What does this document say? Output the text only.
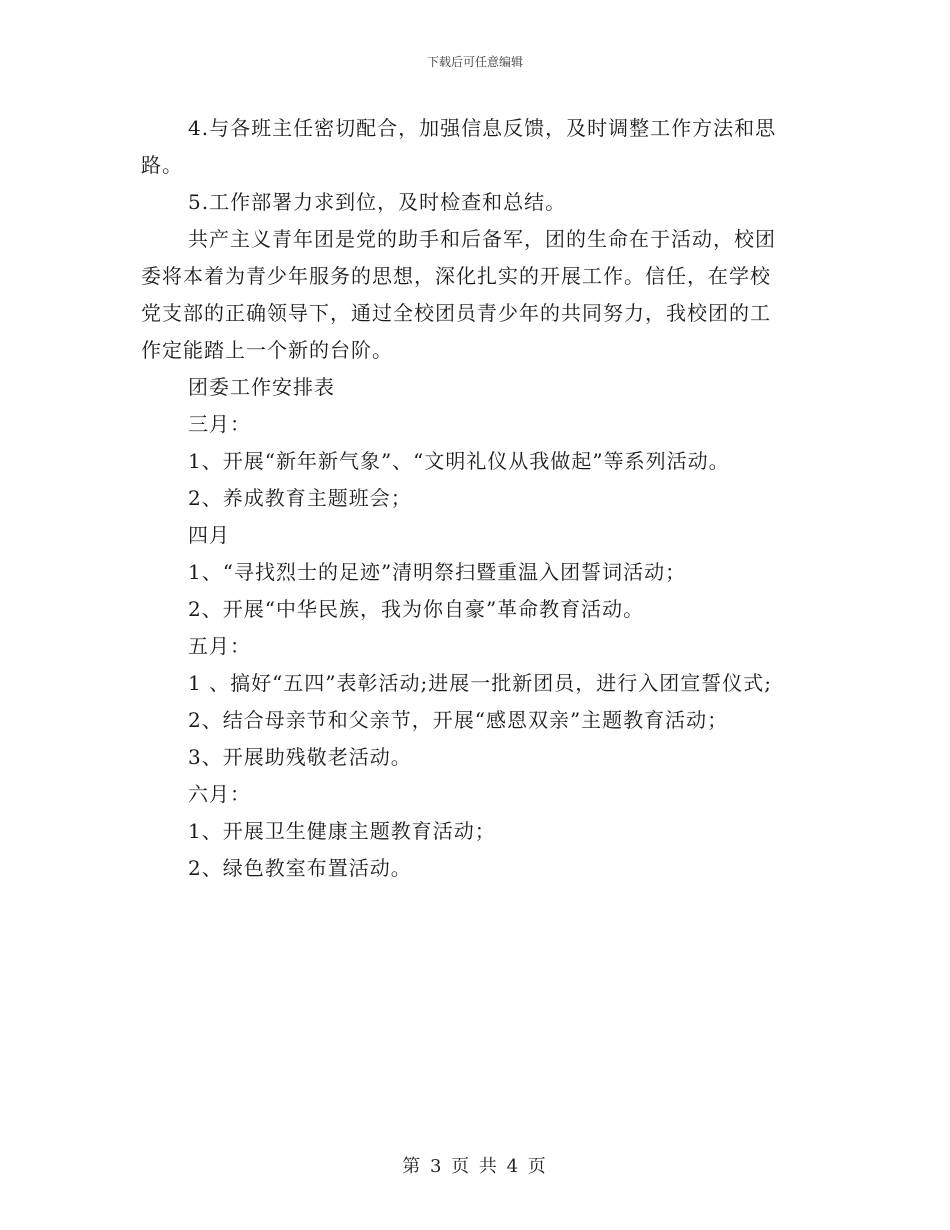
下载后可任意编辑
4.与各班主任密切配合，加强信息反馈，及时调整工作方法和思
路。
5.工作部署力求到位，及时检查和总结。
共产主义青年团是党的助手和后备军，团的生命在于活动，校团
委将本着为青少年服务的思想，深化扎实的开展工作。信任，在学校
党支部的正确领导下，通过全校团员青少年的共同努力，我校团的工
作定能踏上一个新的台阶。
团委工作安排表
三月：
1、开展“新年新气象”、“文明礼仪从我做起”等系列活动。
2、养成教育主题班会；
四月
1、“寻找烈士的足迹”清明祭扫暨重温入团誓词活动；
2、开展“中华民族，我为你自豪”革命教育活动。
五月：
1 、搞好“五四”表彰活动;进展一批新团员，进行入团宣誓仪式;
2、结合母亲节和父亲节，开展“感恩双亲”主题教育活动；
3、开展助残敬老活动。
六月：
1、开展卫生健康主题教育活动；
2、绿色教室布置活动。
第 3 页 共 4 页
